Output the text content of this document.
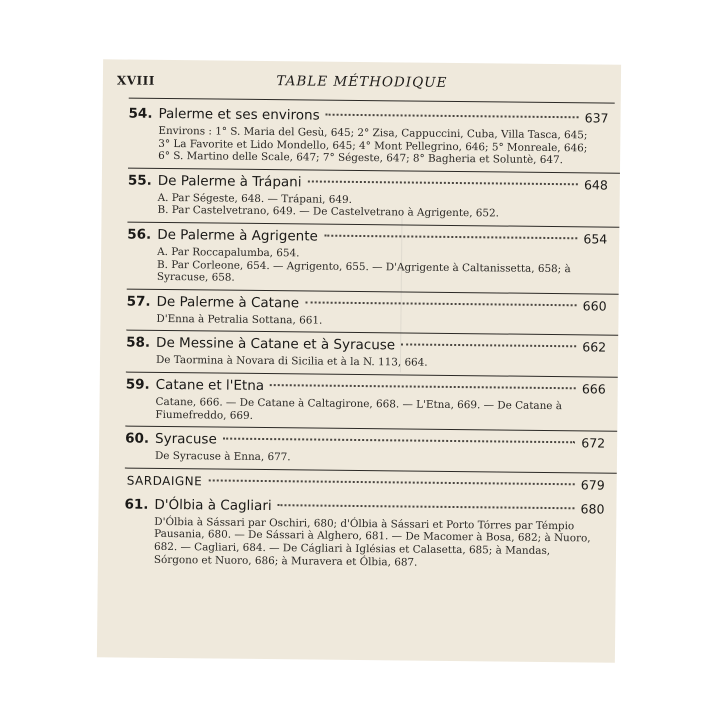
XVIII	TABLE MÉTHODIQUE
54. Palerme et ses environs	637
Environs : 1° S. Maria del Gesù, 645; 2° Zisa, Cappuccini, Cuba, Villa Tasca, 645; 3° La Favorite et Lido Mondello, 645; 4° Mont Pellegrino, 646; 5° Monreale, 646; 6° S. Martino delle Scale, 647; 7° Ségeste, 647; 8° Bagheria et Soluntè, 647.
55. De Palerme à Trápani	648
A. Par Ségeste, 648. — Trápani, 649.
B. Par Castelvetrano, 649. — De Castelvetrano à Agrigente, 652.
56. De Palerme à Agrigente	654
A. Par Roccapalumba, 654.
B. Par Corleone, 654. — Agrigento, 655. — D'Agrigente à Caltanissetta, 658; à Syracuse, 658.
57. De Palerme à Catane	660
D'Enna à Petralia Sottana, 661.
58. De Messine à Catane et à Syracuse	662
De Taormina à Novara di Sicilia et à la N. 113, 664.
59. Catane et l'Etna	666
Catane, 666. — De Catane à Caltagirone, 668. — L'Etna, 669. — De Catane à Fiumefreddo, 669.
60. Syracuse	672
De Syracuse à Enna, 677.
SARDAIGNE	679
61. D'Ólbia à Cagliari	680
D'Ólbia à Sássari par Oschiri, 680; d'Ólbia à Sássari et Porto Tórres par Témpio Pausania, 680. — De Sássari à Alghero, 681. — De Macomer à Bosa, 682; à Nuoro, 682. — Cagliari, 684. — De Cágliari à Iglésias et Calasetta, 685; à Mandas, Sórgono et Nuoro, 686; à Muravera et Ólbia, 687.
